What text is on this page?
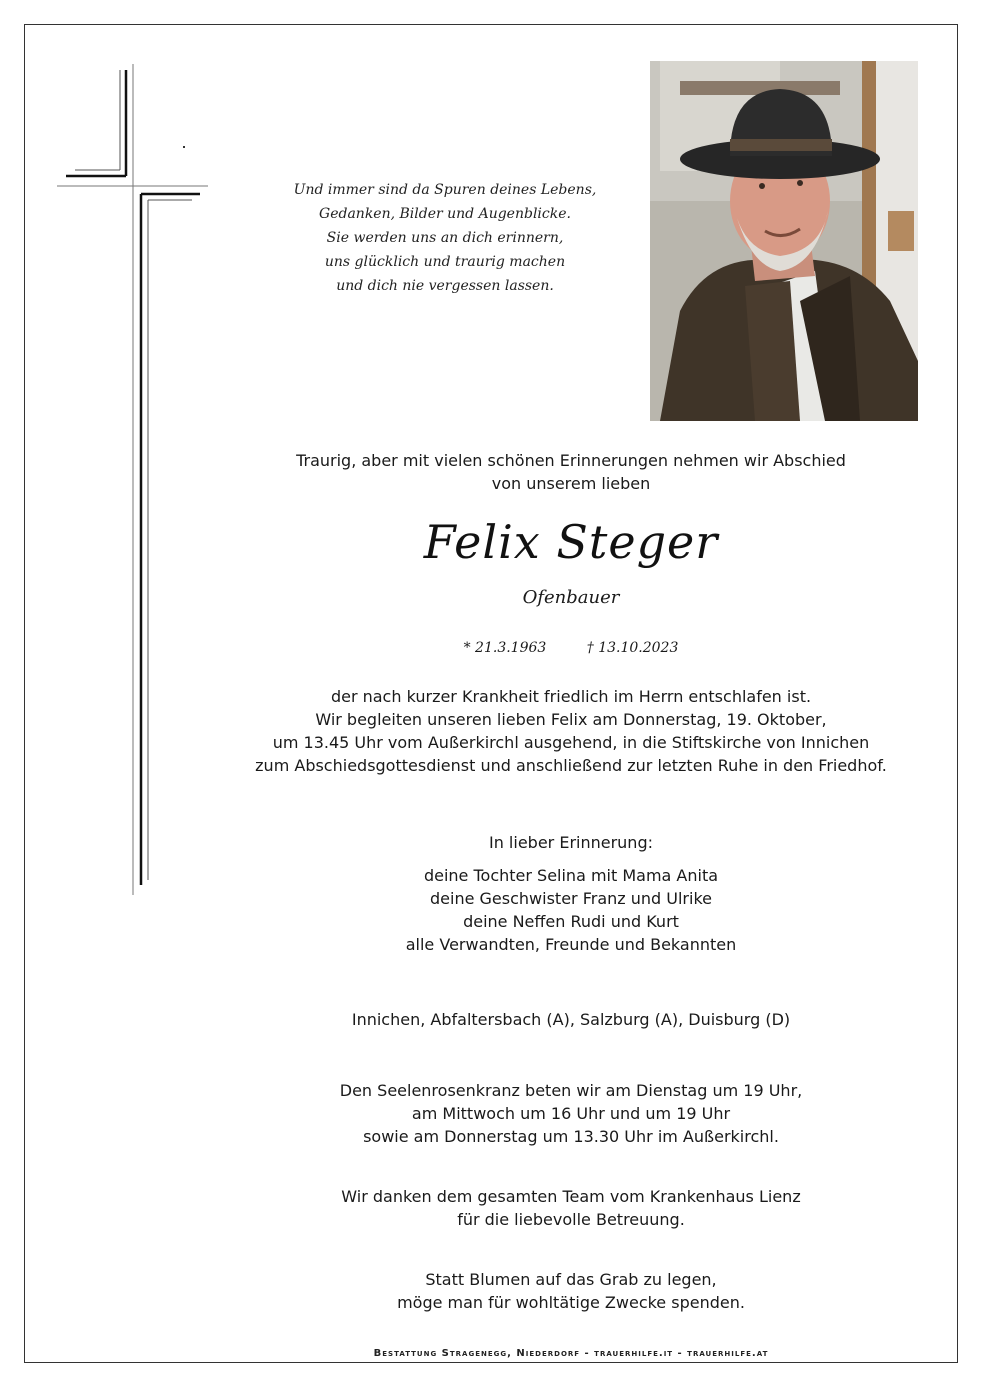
Und immer sind da Spuren deines Lebens,
Gedanken, Bilder und Augenblicke.
Sie werden uns an dich erinnern,
uns glücklich und traurig machen
und dich nie vergessen lassen.
Traurig, aber mit vielen schönen Erinnerungen nehmen wir Abschied
von unserem lieben
Felix Steger
Ofenbauer
* 21.3.1963	† 13.10.2023
der nach kurzer Krankheit friedlich im Herrn entschlafen ist.
Wir begleiten unseren lieben Felix am Donnerstag, 19. Oktober,
um 13.45 Uhr vom Außerkirchl ausgehend, in die Stiftskirche von Innichen
zum Abschiedsgottesdienst und anschließend zur letzten Ruhe in den Friedhof.
In lieber Erinnerung:
deine Tochter Selina mit Mama Anita
deine Geschwister Franz und Ulrike
deine Neffen Rudi und Kurt
alle Verwandten, Freunde und Bekannten
Innichen, Abfaltersbach (A), Salzburg (A), Duisburg (D)
Den Seelenrosenkranz beten wir am Dienstag um 19 Uhr,
am Mittwoch um 16 Uhr und um 19 Uhr
sowie am Donnerstag um 13.30 Uhr im Außerkirchl.
Wir danken dem gesamten Team vom Krankenhaus Lienz
für die liebevolle Betreuung.
Statt Blumen auf das Grab zu legen,
möge man für wohltätige Zwecke spenden.
Bestattung Stragenegg, Niederdorf - trauerhilfe.it - trauerhilfe.at
